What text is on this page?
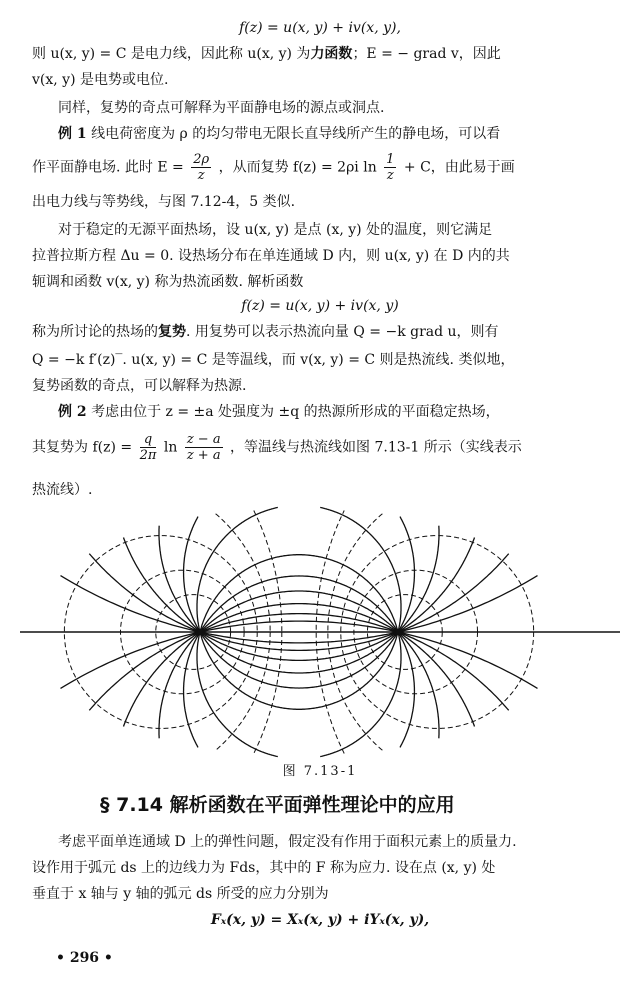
f(z) = u(x, y) + iv(x, y),
则 u(x, y) = C 是电力线，因此称 u(x, y) 为力函数；E = − grad v，因此
v(x, y) 是电势或电位.
同样，复势的奇点可解释为平面静电场的源点或洞点.
例 1 线电荷密度为 ρ 的均匀带电无限长直导线所产生的静电场，可以看
作平面静电场. 此时 $E = \frac{2\rho}{z}$ ，从而复势 f(z) = 2ρi $\ln \frac{1}{z} + C$，由此易于画
出电力线与等势线，与图 7.12-4，5 类似.
对于稳定的无源平面热场，设 u(x, y) 是点 (x, y) 处的温度，则它满足
拉普拉斯方程 Δu = 0. 设热场分布在单连通域 D 内，则 u(x, y) 在 D 内的共
轭调和函数 v(x, y) 称为热流函数. 解析函数
f(z) = u(x, y) + iv(x, y)
称为所讨论的热场的复势. 用复势可以表示热流向量 Q = −k grad u，则有
Q = −k f′(z)‾. u(x, y) = C 是等温线，而 v(x, y) = C 则是热流线. 类似地，
复势函数的奇点，可以解释为热源.
例 2 考虑由位于 z = ±a 处强度为 ±q 的热源所形成的平面稳定热场，
其复势为 $f(z) = \frac{q}{2\pi}$ $\ln \frac{z - a}{z + a}$ ，等温线与热流线如图 7.13-1 所示（实线表示
热流线）.
图 7.13-1
§ 7.14 解析函数在平面弹性理论中的应用
考虑平面单连通域 D 上的弹性问题，假定没有作用于面积元素上的质量力.
设作用于弧元 ds 上的边线力为 Fds，其中的 F 称为应力. 设在点 (x, y) 处
垂直于 x 轴与 y 轴的弧元 ds 所受的应力分别为
Fₓ(x, y) = Xₓ(x, y) + iYₓ(x, y),
• 296 •
